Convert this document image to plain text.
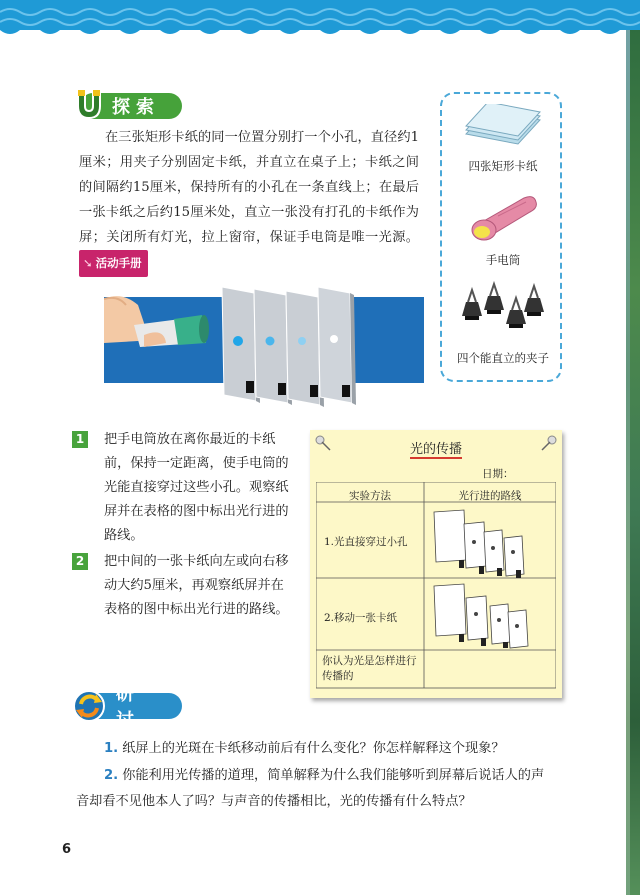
探索
在三张矩形卡纸的同一位置分别打一个小孔，直径约1厘米；用夹子分别固定卡纸，并直立在桌子上；卡纸之间的间隔约15厘米，保持所有的小孔在一条直线上；在最后一张卡纸之后约15厘米处，直立一张没有打孔的卡纸作为屏；关闭所有灯光，拉上窗帘，保证手电筒是唯一光源。 ➘ 活动手册
四张矩形卡纸
手电筒
四个能直立的夹子
1 把手电筒放在离你最近的卡纸前，保持一定距离，使手电筒的光能直接穿过这些小孔。观察纸屏并在表格的图中标出光行进的路线。
2 把中间的一张卡纸向左或向右移动大约5厘米，再观察纸屏并在表格的图中标出光行进的路线。
光的传播
日期：
实验方法	光行进的路线
1.光直接穿过小孔
2.移动一张卡纸
你认为光是怎样进行传播的
研　讨
1. 纸屏上的光斑在卡纸移动前后有什么变化？你怎样解释这个现象？
2. 你能利用光传播的道理，简单解释为什么我们能够听到屏幕后说话人的声音却看不见他本人了吗？与声音的传播相比，光的传播有什么特点？
6
